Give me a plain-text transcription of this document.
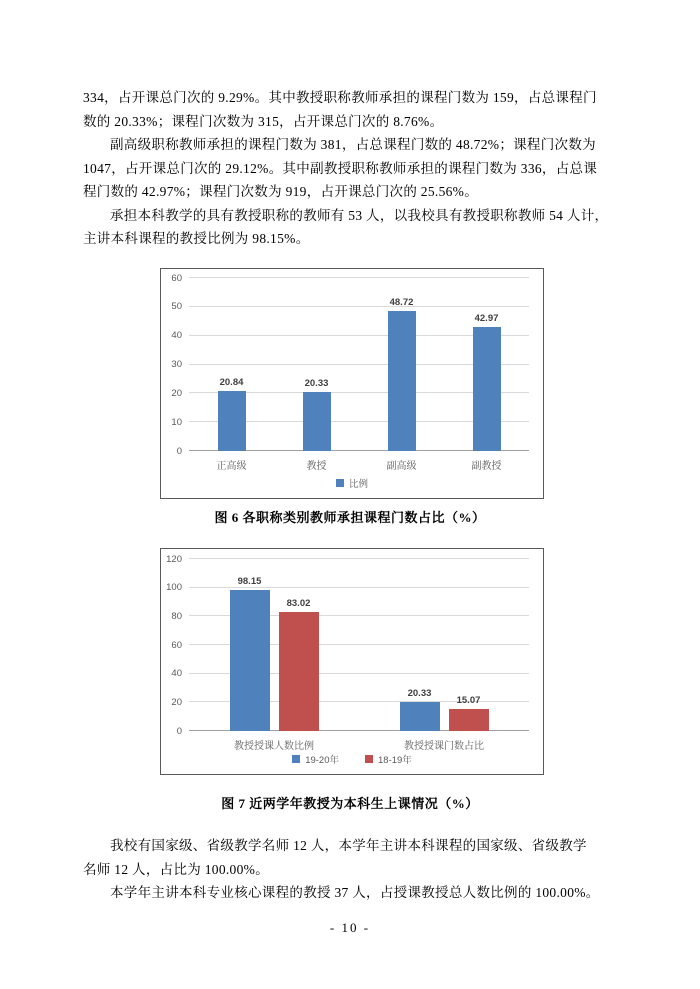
334，占开课总门次的 9.29%。其中教授职称教师承担的课程门数为 159，占总课程门
数的 20.33%；课程门次数为 315，占开课总门次的 8.76%。
副高级职称教师承担的课程门数为 381，占总课程门数的 48.72%；课程门次数为
1047，占开课总门次的 29.12%。其中副教授职称教师承担的课程门数为 336，占总课
程门数的 42.97%；课程门次数为 919，占开课总门次的 25.56%。
承担本科教学的具有教授职称的教师有 53 人，以我校具有教授职称教师 54 人计，
主讲本科课程的教授比例为 98.15%。
0
10
20
30
40
50
60
20.84	20.33
48.72
42.97
正高级	教授	副高级	副教授
比例
图 6 各职称类别教师承担课程门数占比（%）
0
20
40
60
80
100
120
98.15
83.02
20.33
15.07
教授授课人数比例	教授授课门数占比
19-20年	18-19年
图 7 近两学年教授为本科生上课情况（%）
我校有国家级、省级教学名师 12 人，本学年主讲本科课程的国家级、省级教学
名师 12 人，占比为 100.00%。
本学年主讲本科专业核心课程的教授 37 人，占授课教授总人数比例的 100.00%。
- 10 -
